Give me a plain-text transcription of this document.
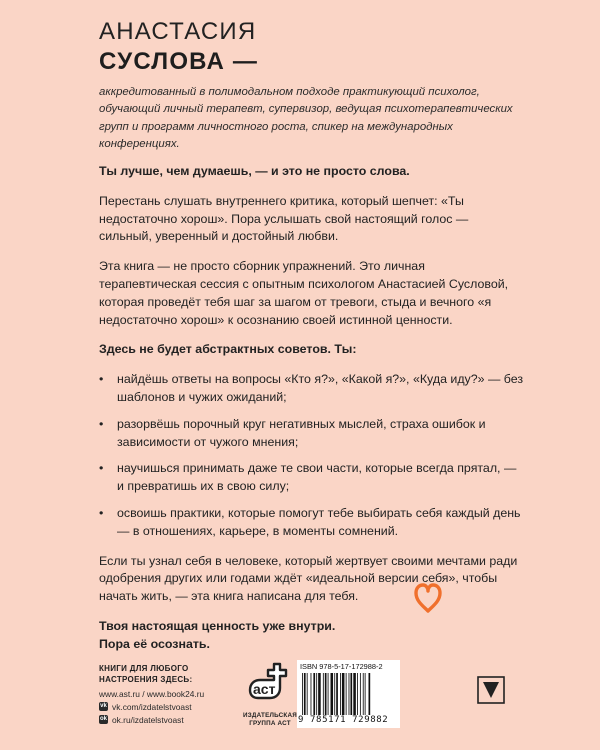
АНАСТАСИЯ
СУСЛОВА —
аккредитованный в полимодальном подходе практикующий психолог, обучающий личный терапевт, супервизор, ведущая психотерапевтических групп и программ личностного роста, спикер на международных конференциях.

Ты лучше, чем думаешь, — и это не просто слова.

Перестань слушать внутреннего критика, который шепчет: «Ты недостаточно хорош». Пора услышать свой настоящий голос — сильный, уверенный и достойный любви.

Эта книга — не просто сборник упражнений. Это личная терапевтическая сессия с опытным психологом Анастасией Сусловой, которая проведёт тебя шаг за шагом от тревоги, стыда и вечного «я недостаточно хорош» к осознанию своей истинной ценности.

Здесь не будет абстрактных советов. Ты:

• найдёшь ответы на вопросы «Кто я?», «Какой я?», «Куда иду?» — без шаблонов и чужих ожиданий;
• разорвёшь порочный круг негативных мыслей, страха ошибок и зависимости от чужого мнения;
• научишься принимать даже те свои части, которые всегда прятал, — и превратишь их в свою силу;
• освоишь практики, которые помогут тебе выбирать себя каждый день — в отношениях, карьере, в моменты сомнений.

Если ты узнал себя в человеке, который жертвует своими мечтами ради одобрения других или годами ждёт «идеальной версии себя», чтобы начать жить, — эта книга написана для тебя.

Твоя настоящая ценность уже внутри.

Пора её осознать.

КНИГИ ДЛЯ ЛЮБОГО НАСТРОЕНИЯ ЗДЕСЬ:
www.ast.ru / www.book24.ru
vk vk.com/izdatelstvoast
ok ok.ru/izdatelstvoast
аст
ИЗДАТЕЛЬСКАЯ ГРУППА АСТ
ISBN 978-5-17-172988-2
9 785171 729882
